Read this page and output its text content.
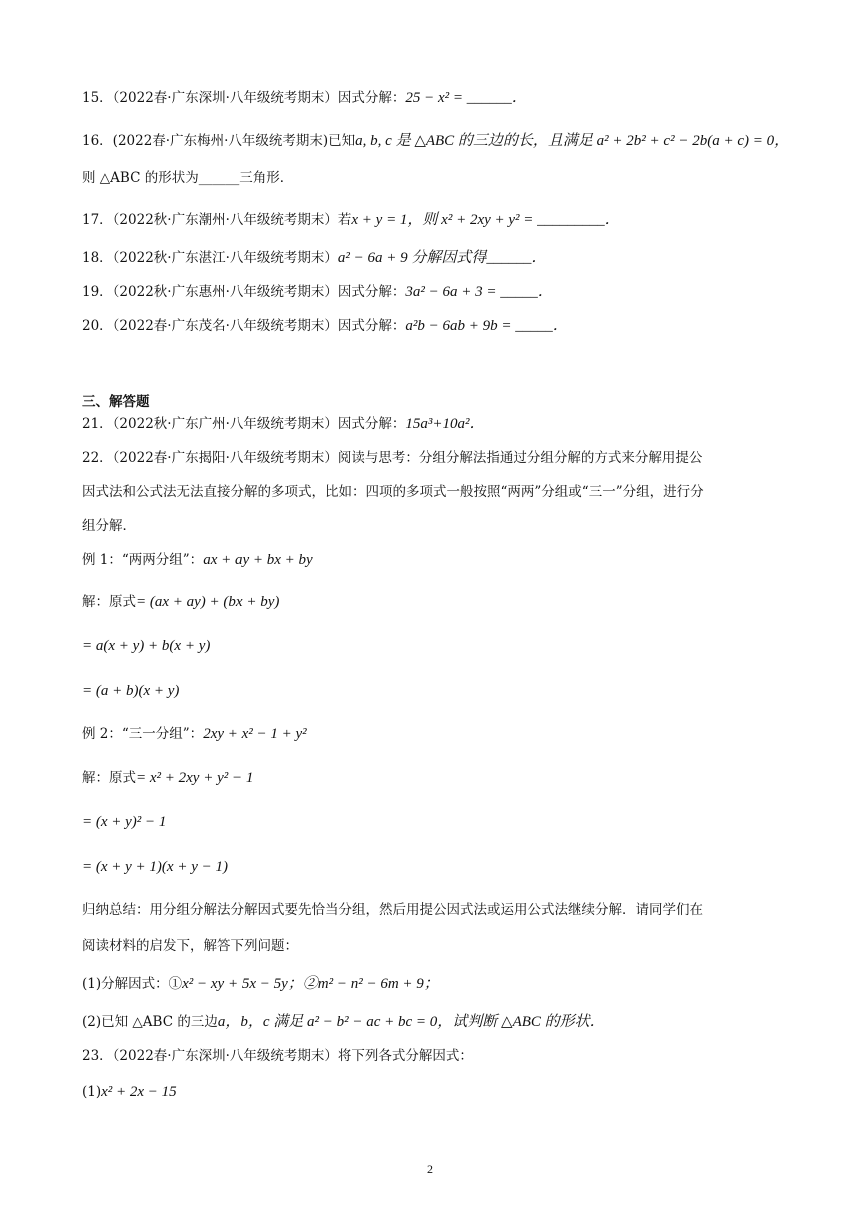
15．（2022春·广东深圳·八年级统考期末）因式分解：25 − x² = ______．
16．(2022春·广东梅州·八年级统考期末)已知a, b, c 是 △ABC 的三边的长，且满足 a² + 2b² + c² − 2b(a + c) = 0，
则 △ABC 的形状为______三角形．
17．（2022秋·广东潮州·八年级统考期末）若x + y = 1，则 x² + 2xy + y² = _________．
18．（2022秋·广东湛江·八年级统考期末）a² − 6a + 9 分解因式得______．
19．（2022秋·广东惠州·八年级统考期末）因式分解：3a² − 6a + 3 = _____．
20．（2022春·广东茂名·八年级统考期末）因式分解：a²b − 6ab + 9b = _____．
三、解答题
21．（2022秋·广东广州·八年级统考期末）因式分解：15a³+10a²．
22．（2022春·广东揭阳·八年级统考期末）阅读与思考：分组分解法指通过分组分解的方式来分解用提公
因式法和公式法无法直接分解的多项式，比如：四项的多项式一般按照“两两”分组或“三一”分组，进行分
组分解．
例 1：“两两分组”：ax + ay + bx + by
解：原式= (ax + ay) + (bx + by)
= a(x + y) + b(x + y)
= (a + b)(x + y)
例 2：“三一分组”：2xy + x² − 1 + y²
解：原式= x² + 2xy + y² − 1
= (x + y)² − 1
= (x + y + 1)(x + y − 1)
归纳总结：用分组分解法分解因式要先恰当分组，然后用提公因式法或运用公式法继续分解．请同学们在
阅读材料的启发下，解答下列问题：
(1)分解因式：①x² − xy + 5x − 5y；②m² − n² − 6m + 9；
(2)已知 △ABC 的三边a，b，c 满足 a² − b² − ac + bc = 0，试判断 △ABC 的形状．
23．（2022春·广东深圳·八年级统考期末）将下列各式分解因式：
(1)x² + 2x − 15
2
